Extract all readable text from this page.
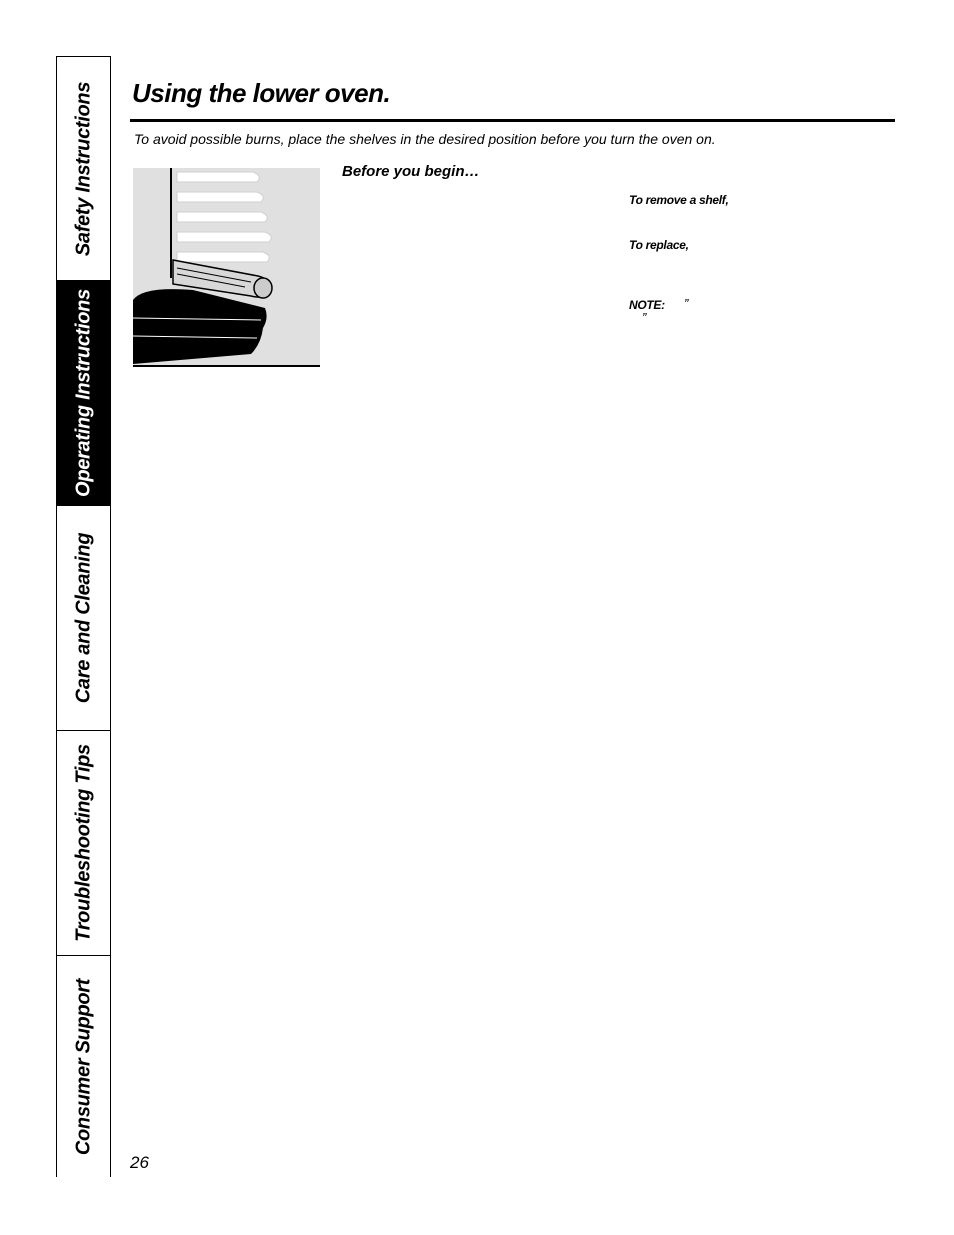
Safety Instructions
Operating Instructions
Care and Cleaning
Troubleshooting Tips
Consumer Support
Using the lower oven.
To avoid possible burns, place the shelves in the desired position before you turn the oven on.
Before you begin…
To remove a shelf,
To replace,
NOTE: ”
”
26
